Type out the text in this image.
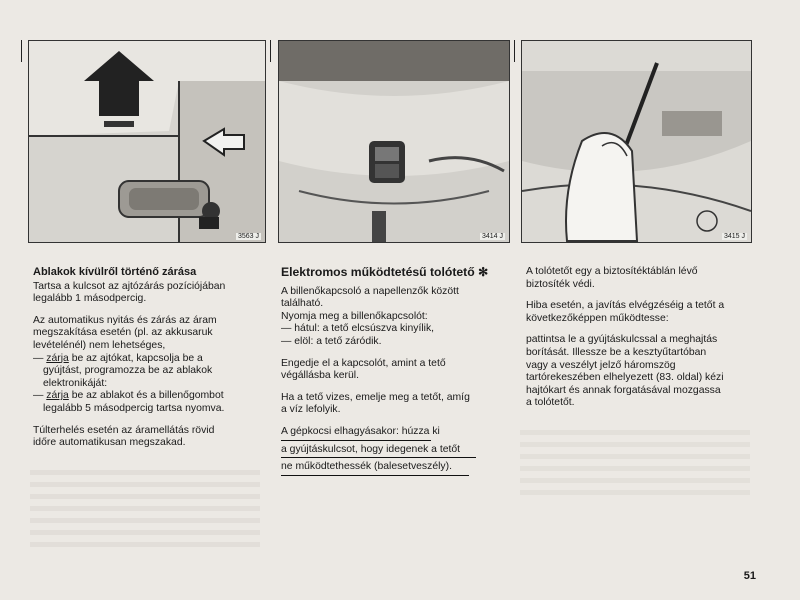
3563 J	3414 J	3415 J
Ablakok kívülről történő zárása

Tartsa a kulcsot az ajtózárás pozíciójában
legalább 1 másodpercig.

Az automatikus nyitás és zárás az áram
megszakítása esetén (pl. az akkusaruk
levételénél) nem lehetséges,

— zárja be az ajtókat, kapcsolja be a
gyújtást, programozza be az ablakok
elektronikáját:
— zárja be az ablakot és a billenőgombot
legalább 5 másodpercig tartsa nyomva.

Túlterhelés esetén az áramellátás rövid
időre automatikusan megszakad.

Elektromos működtetésű tolótető ✻

A billenőkapcsoló a napellenzők között
található.

Nyomja meg a billenőkapcsolót:
— hátul: a tető elcsúszva kinyílik,
— elöl: a tető záródik.

Engedje el a kapcsolót, amint a tető
végállásba kerül.

Ha a tető vizes, emelje meg a tetőt, amíg
a víz lefolyik.

A gépkocsi elhagyásakor: húzza ki
a gyújtáskulcsot, hogy idegenek a tetőt
ne működtethessék (balesetveszély).

A tolótetőt egy a biztosítéktáblán lévő
biztosíték védi.

Hiba esetén, a javítás elvégzéséig a tetőt a
következőképpen működtesse:

pattintsa le a gyújtáskulcssal a meghajtás
borítását. Illessze be a kesztyűtartóban
vagy a veszélyt jelző háromszög
tartórekeszében elhelyezett (83. oldal) kézi
hajtókart és annak forgatásával mozgassa
a tolótetőt.

51
